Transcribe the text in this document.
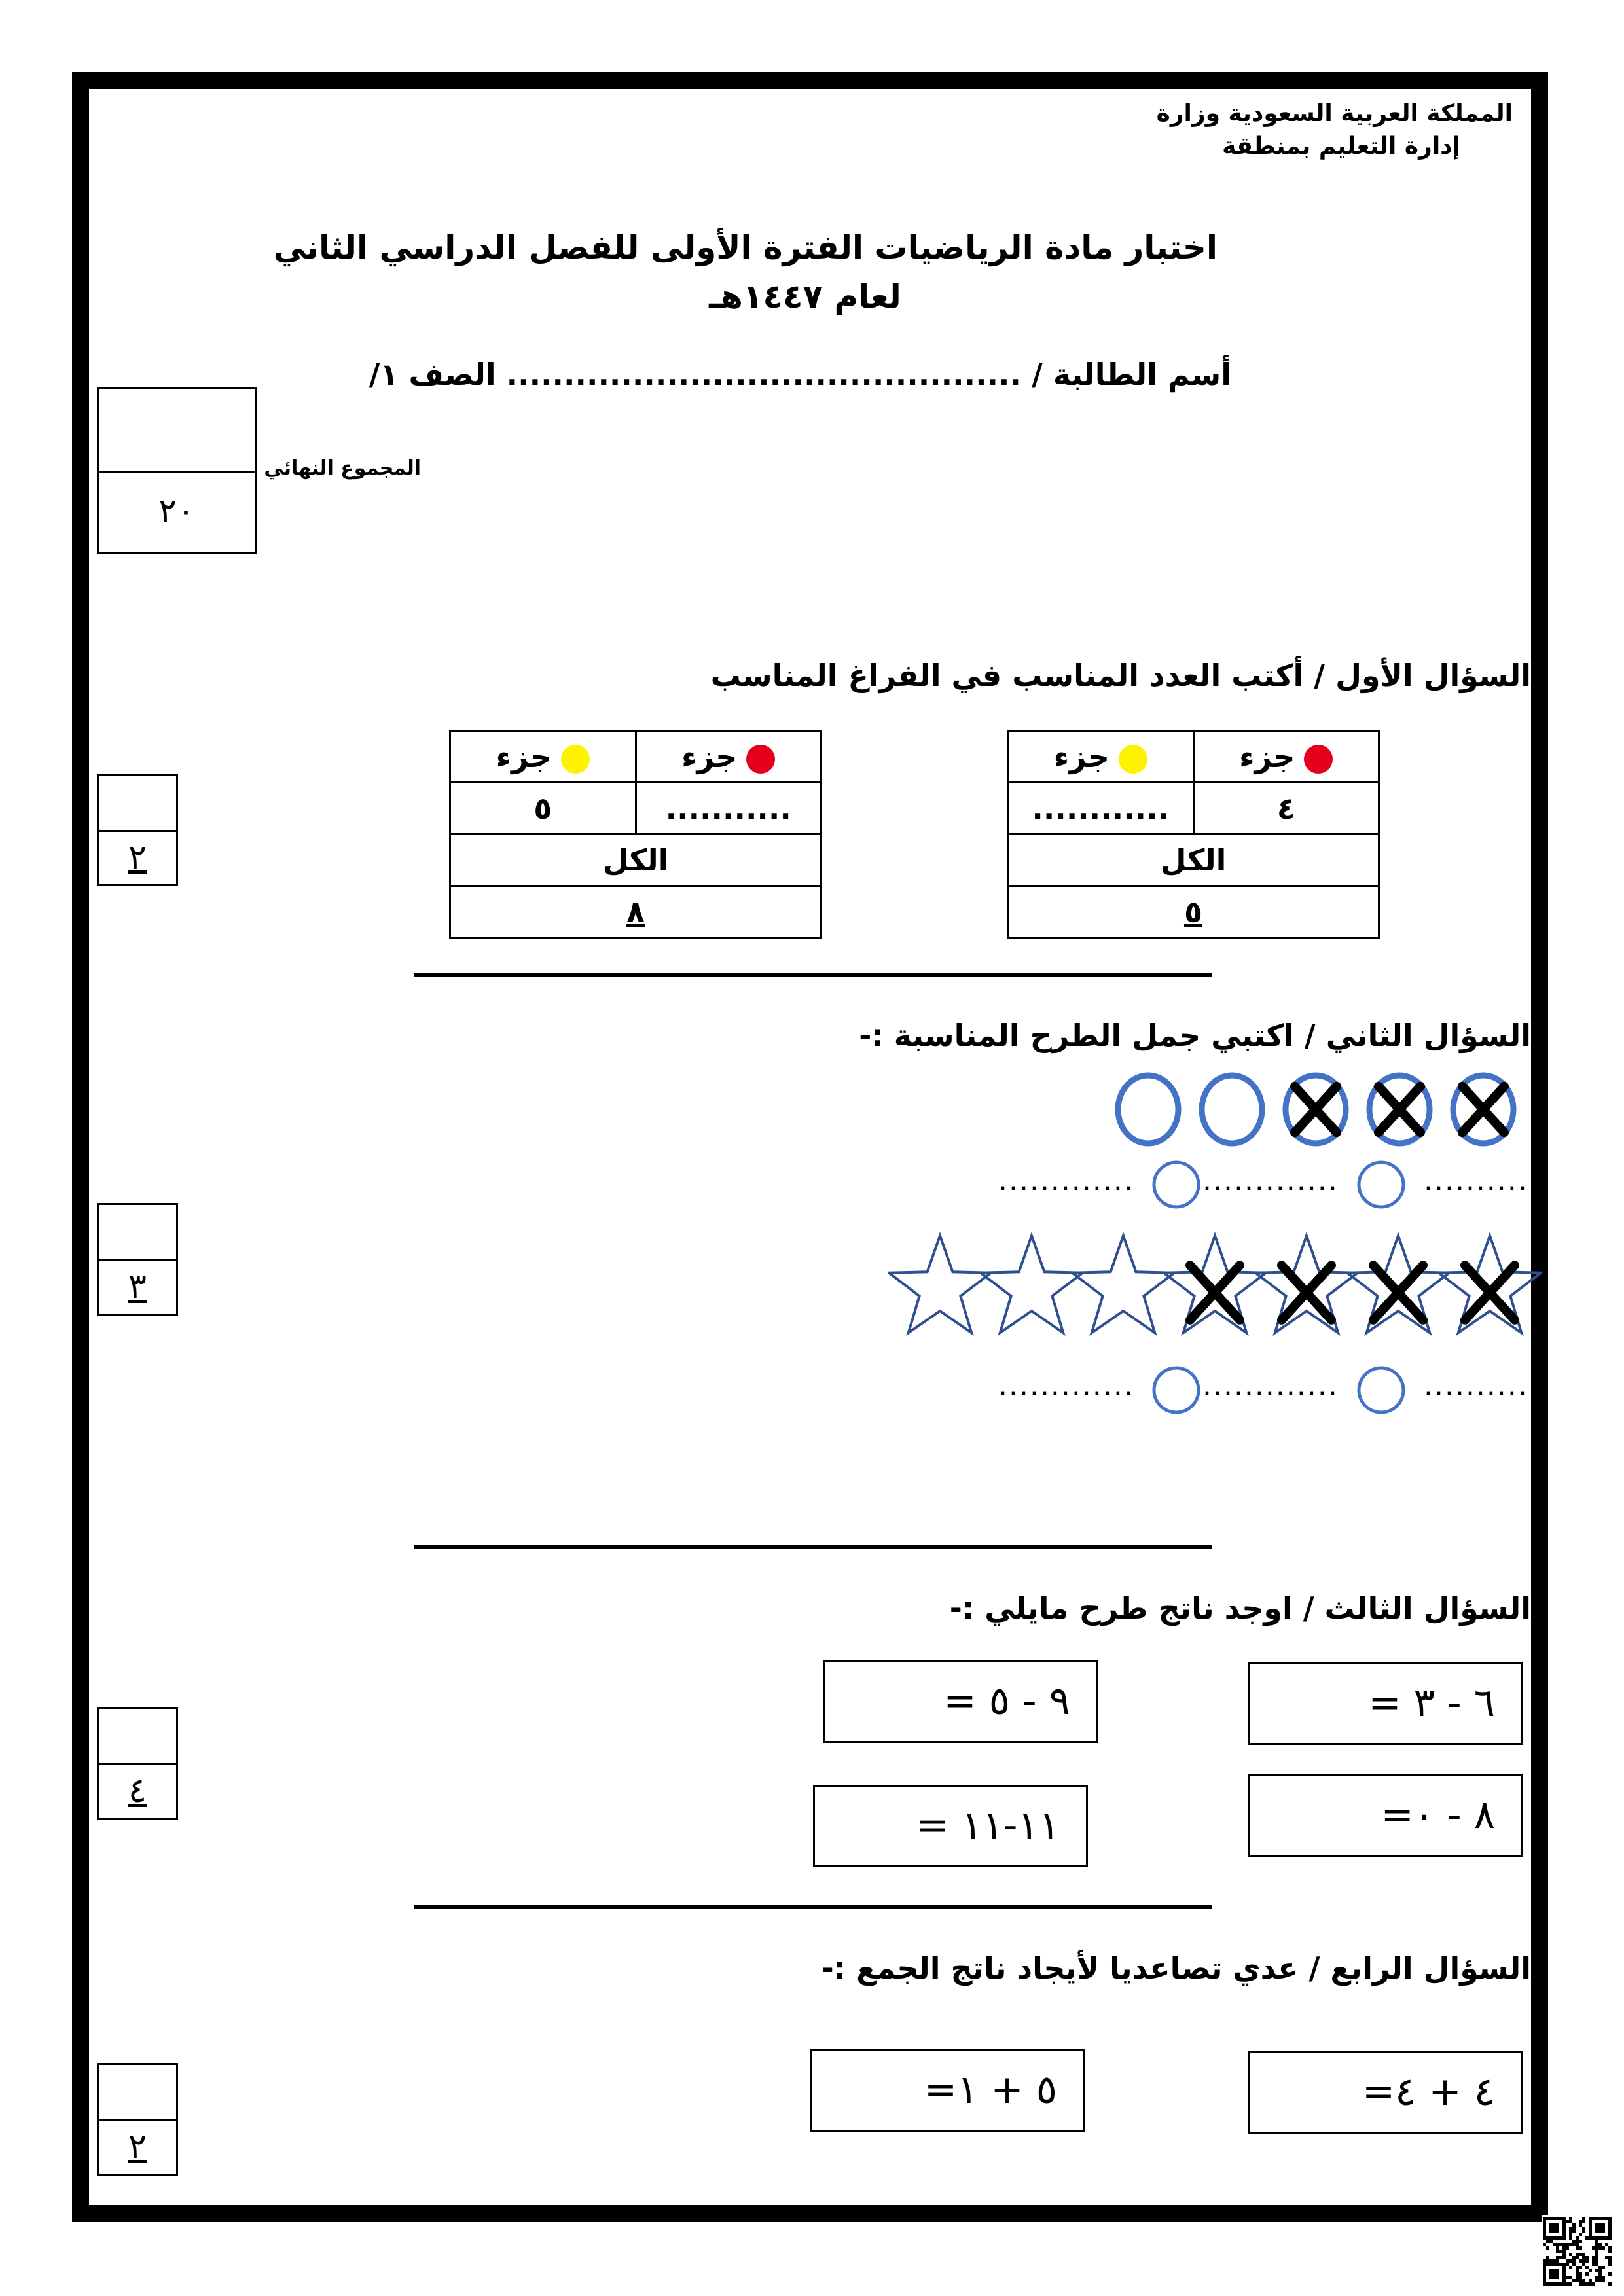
المملكة العربية السعودية وزارة
إدارة التعليم بمنطقة
اختبار مادة الرياضيات الفترة الأولى للفصل الدراسي الثاني
لعام ١٤٤٧هـ
أسم الطالبة / ............................................. الصف ١/
٢٠
المجموع النهائي
السؤال الأول / أكتب العدد المناسب في الفراغ المناسب
٢
جزء	جزء
٤	............
الكل	
٥	
جزء	جزء
...........	٥
الكل	
٨	
السؤال الثاني / اكتبي جمل الطرح المناسبة :-
٣
............. .............	..........
............. .............	..........
السؤال الثالث / اوجد ناتج طرح مايلي :-
٤
٦ - ٣ =
٩ - ٥ =
٨ - ٠=
١١-١١ =
السؤال الرابع / عدي تصاعديا لأيجاد ناتج الجمع :-
٢
٤ + ٤=
٥ + ١=
